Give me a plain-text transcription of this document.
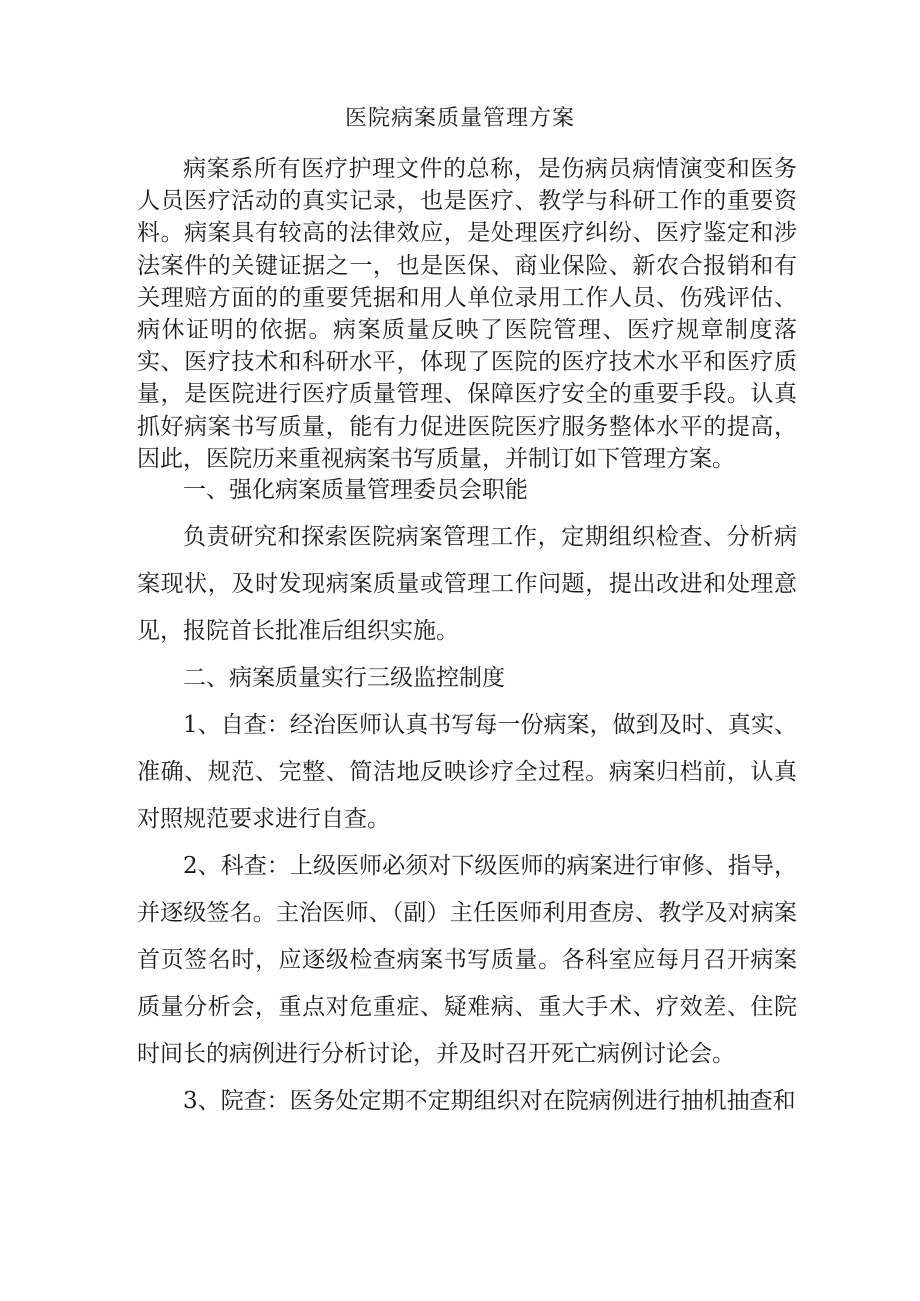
医院病案质量管理方案

病案系所有医疗护理文件的总称，是伤病员病情演变和医务人员医疗活动的真实记录，也是医疗、教学与科研工作的重要资料。病案具有较高的法律效应，是处理医疗纠纷、医疗鉴定和涉法案件的关键证据之一，也是医保、商业保险、新农合报销和有关理赔方面的的重要凭据和用人单位录用工作人员、伤残评估、病休证明的依据。病案质量反映了医院管理、医疗规章制度落实、医疗技术和科研水平，体现了医院的医疗技术水平和医疗质量，是医院进行医疗质量管理、保障医疗安全的重要手段。认真抓好病案书写质量，能有力促进医院医疗服务整体水平的提高，因此，医院历来重视病案书写质量，并制订如下管理方案。

一、强化病案质量管理委员会职能

负责研究和探索医院病案管理工作，定期组织检查、分析病案现状，及时发现病案质量或管理工作问题，提出改进和处理意见，报院首长批准后组织实施。

二、病案质量实行三级监控制度

1、自查：经治医师认真书写每一份病案，做到及时、真实、准确、规范、完整、简洁地反映诊疗全过程。病案归档前，认真对照规范要求进行自查。

2、科查：上级医师必须对下级医师的病案进行审修、指导，并逐级签名。主治医师、（副）主任医师利用查房、教学及对病案首页签名时，应逐级检查病案书写质量。各科室应每月召开病案质量分析会，重点对危重症、疑难病、重大手术、疗效差、住院时间长的病例进行分析讨论，并及时召开死亡病例讨论会。

3、院查：医务处定期不定期组织对在院病例进行抽机抽查和
